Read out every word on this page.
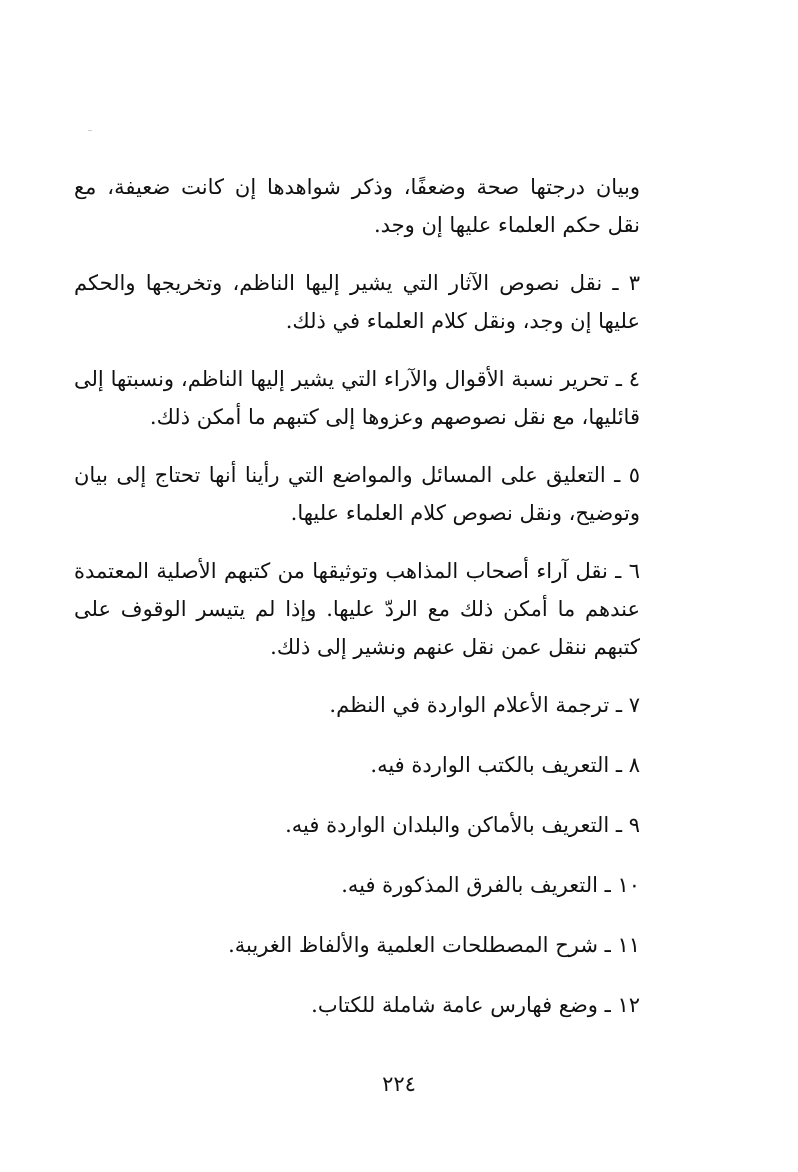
وبيان درجتها صحة وضعفًا، وذكر شواهدها إن كانت ضعيفة، مع نقل حكم العلماء عليها إن وجد.

٣ ـ نقل نصوص الآثار التي يشير إليها الناظم، وتخريجها والحكم عليها إن وجد، ونقل كلام العلماء في ذلك.

٤ ـ تحرير نسبة الأقوال والآراء التي يشير إليها الناظم، ونسبتها إلى قائليها، مع نقل نصوصهم وعزوها إلى كتبهم ما أمكن ذلك.

٥ ـ التعليق على المسائل والمواضع التي رأينا أنها تحتاج إلى بيان وتوضيح، ونقل نصوص كلام العلماء عليها.

٦ ـ نقل آراء أصحاب المذاهب وتوثيقها من كتبهم الأصلية المعتمدة عندهم ما أمكن ذلك مع الردّ عليها. وإذا لم يتيسر الوقوف على كتبهم ننقل عمن نقل عنهم ونشير إلى ذلك.

٧ ـ ترجمة الأعلام الواردة في النظم.

٨ ـ التعريف بالكتب الواردة فيه.

٩ ـ التعريف بالأماكن والبلدان الواردة فيه.

١٠ ـ التعريف بالفرق المذكورة فيه.

١١ ـ شرح المصطلحات العلمية والألفاظ الغريبة.

١٢ ـ وضع فهارس عامة شاملة للكتاب.

٢٢٤
